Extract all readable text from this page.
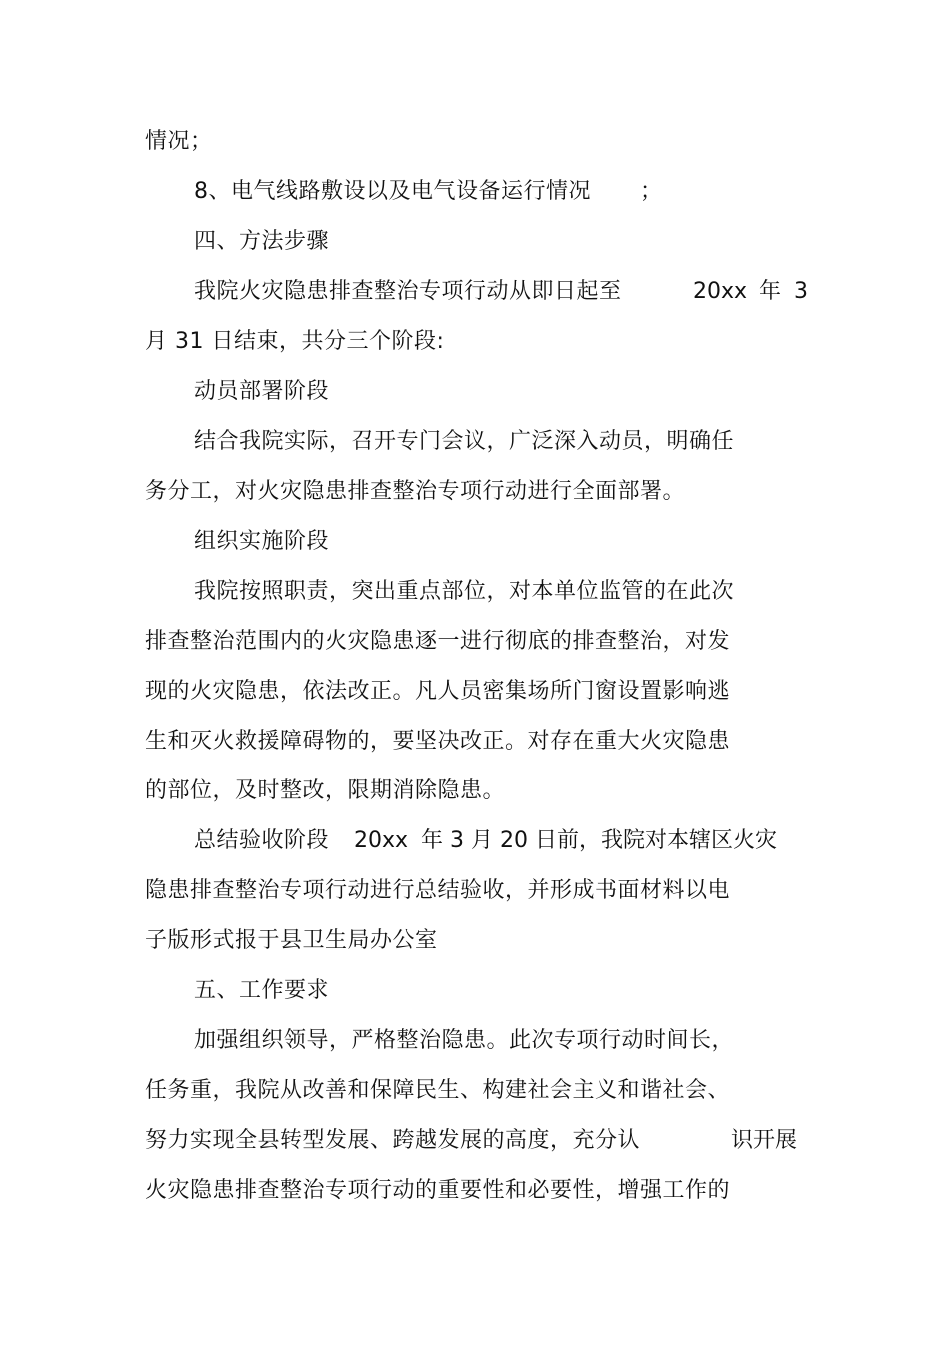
情况；
8、电气线路敷设以及电气设备运行情况 ；
四、方法步骤
我院火灾隐患排查整治专项行动从即日起至	20xx 年 3
月 31 日结束，共分三个阶段:
动员部署阶段
结合我院实际，召开专门会议，广泛深入动员，明确任
务分工，对火灾隐患排查整治专项行动进行全面部署。
组织实施阶段
我院按照职责，突出重点部位，对本单位监管的在此次
排查整治范围内的火灾隐患逐一进行彻底的排查整治，对发
现的火灾隐患，依法改正。凡人员密集场所门窗设置影响逃
生和灭火救援障碍物的，要坚决改正。对存在重大火灾隐患
的部位，及时整改，限期消除隐患。
总结验收阶段 20xx 年 3 月 20 日前，我院对本辖区火灾
隐患排查整治专项行动进行总结验收，并形成书面材料以电
子版形式报于县卫生局办公室
五、工作要求
加强组织领导，严格整治隐患。此次专项行动时间长，
任务重，我院从改善和保障民生、构建社会主义和谐社会、
努力实现全县转型发展、跨越发展的高度，充分认	识开展
火灾隐患排查整治专项行动的重要性和必要性，增强工作的
